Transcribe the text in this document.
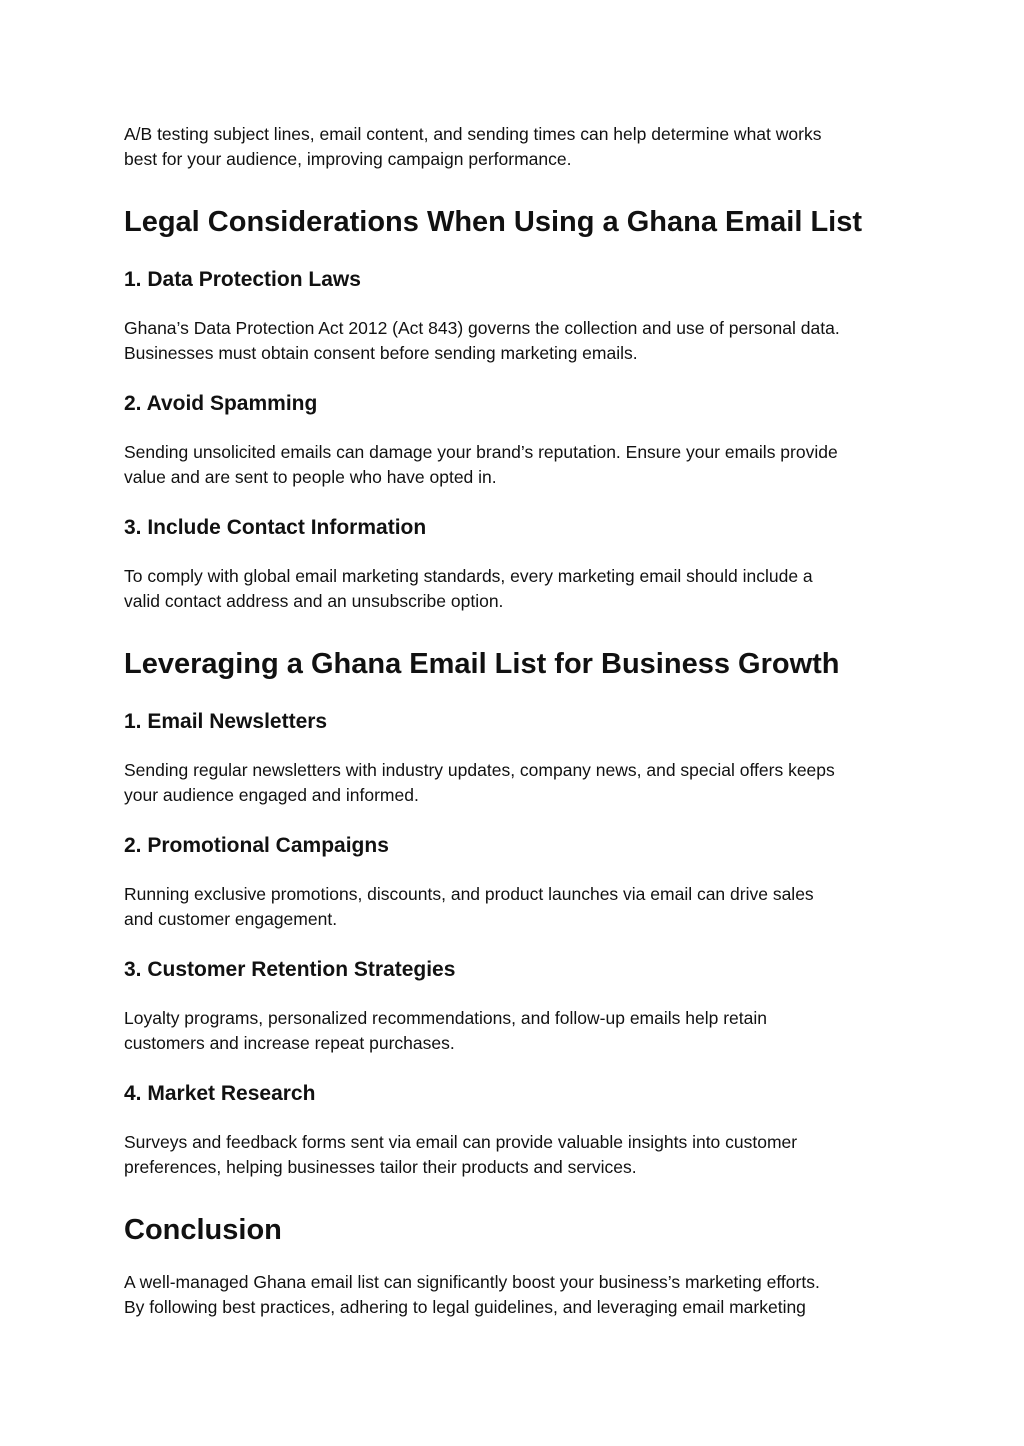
A/B testing subject lines, email content, and sending times can help determine what works

best for your audience, improving campaign performance.

Legal Considerations When Using a Ghana Email List
1. Data Protection Laws

Ghana’s Data Protection Act 2012 (Act 843) governs the collection and use of personal data.

Businesses must obtain consent before sending marketing emails.

2. Avoid Spamming

Sending unsolicited emails can damage your brand’s reputation. Ensure your emails provide

value and are sent to people who have opted in.

3. Include Contact Information

To comply with global email marketing standards, every marketing email should include a

valid contact address and an unsubscribe option.

Leveraging a Ghana Email List for Business Growth
1. Email Newsletters

Sending regular newsletters with industry updates, company news, and special offers keeps

your audience engaged and informed.

2. Promotional Campaigns

Running exclusive promotions, discounts, and product launches via email can drive sales

and customer engagement.

3. Customer Retention Strategies

Loyalty programs, personalized recommendations, and follow-up emails help retain

customers and increase repeat purchases.

4. Market Research

Surveys and feedback forms sent via email can provide valuable insights into customer

preferences, helping businesses tailor their products and services.

Conclusion

A well-managed Ghana email list can significantly boost your business’s marketing efforts.

By following best practices, adhering to legal guidelines, and leveraging email marketing
